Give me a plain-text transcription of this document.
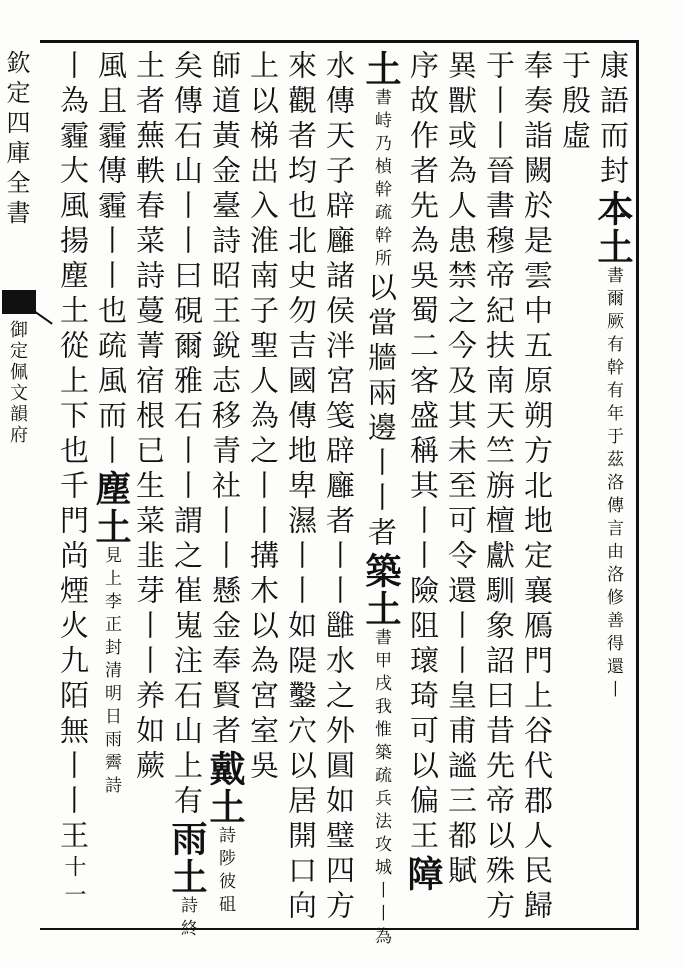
康語而封本土書爾厥有幹有年于茲洛傳言由洛修善得還丨
于殷虛
奉奏詣闕於是雲中五原朔方北地定襄鴈門上谷代郡人民歸
于丨丨晉書穆帝紀扶南天竺旃檀獻馴象詔曰昔先帝以殊方
異獸或為人患禁之今及其未至可令還丨丨皇甫謐三都賦
序故作者先為吳蜀二客盛稱其丨丨險阻瓌琦可以偏王障
土書峙乃楨幹疏幹所以當牆兩邊丨丨者築土書甲戌我惟築疏兵法攻城丨丨為
水傳天子辟廱諸侯泮宮笺辟廱者丨丨雝水之外圓如璧四方
來觀者均也北史勿吉國傳地卑濕丨丨如隄鑿穴以居開口向
上以梯出入淮南子聖人為之丨丨搆木以為宮室吳
師道黃金臺詩昭王銳志移青社丨丨懸金奉賢者戴土詩陟彼砠
矣傳石山丨丨曰硯爾雅石丨丨謂之崔嵬注石山上有雨土詩終
土者蕪軼春菜詩蔓菁宿根已生菜韭芽丨丨养如蕨
風且霾傳霾丨丨也疏風而丨塵土見上李正封清明日雨霽詩
丨為霾大風揚塵土從上下也千門尚煙火九陌無丨丨王十一
欽定四庫全書
御定佩文韻府
